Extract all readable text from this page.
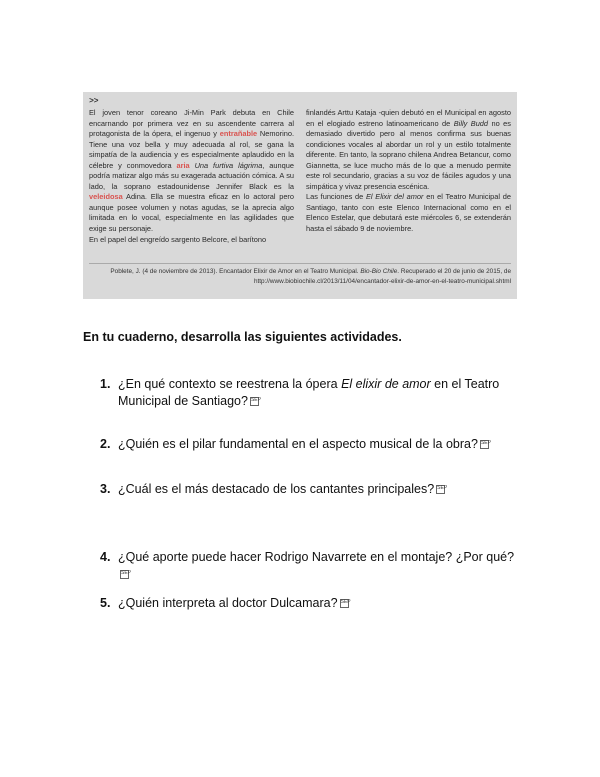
>>

El joven tenor coreano Ji-Min Park debuta en Chile encarnando por primera vez en su ascendente carrera al protagonista de la ópera, el ingenuo y entrañable Nemorino. Tiene una voz bella y muy adecuada al rol, se gana la simpatía de la audiencia y es especialmente aplaudido en la célebre y conmovedora aria Una furtiva lágrima, aunque podría matizar algo más su exagerada actuación cómica. A su lado, la soprano estadounidense Jennifer Black es la veleidosa Adina. Ella se muestra eficaz en lo actoral pero aunque posee volumen y notas agudas, se la aprecia algo limitada en lo vocal, especialmente en las agilidades que exige su personaje.

En el papel del engreído sargento Belcore, el barítono

finlandés Arttu Kataja -quien debutó en el Municipal en agosto en el elogiado estreno latinoamericano de Billy Budd no es demasiado divertido pero al menos confirma sus buenas condiciones vocales al abordar un rol y un estilo totalmente diferente. En tanto, la soprano chilena Andrea Betancur, como Giannetta, se luce mucho más de lo que a menudo permite este rol secundario, gracias a su voz de fáciles agudos y una simpática y vivaz presencia escénica.

Las funciones de El Elixir del amor en el Teatro Municipal de Santiago, tanto con este Elenco Internacional como en el Elenco Estelar, que debutará este miércoles 6, se extenderán hasta el sábado 9 de noviembre.

Poblete, J. (4 de noviembre de 2013). Encantador Elixir de Amor en el Teatro Municipal. Bio-Bio Chile. Recuperado el 20 de junio de 2015, de http://www.biobiochile.cl/2013/11/04/encantador-elixir-de-amor-en-el-teatro-municipal.shtml
En tu cuaderno, desarrolla las siguientes actividades.
1. ¿En qué contexto se reestrena la ópera El elixir de amor en el Teatro Municipal de Santiago? SEP
2. ¿Quién es el pilar fundamental en el aspecto musical de la obra? SEP
3. ¿Cuál es el más destacado de los cantantes principales? SEP
4. ¿Qué aporte puede hacer Rodrigo Navarrete en el montaje? ¿Por qué?SEP
5. ¿Quién interpreta al doctor Dulcamara? SEP
